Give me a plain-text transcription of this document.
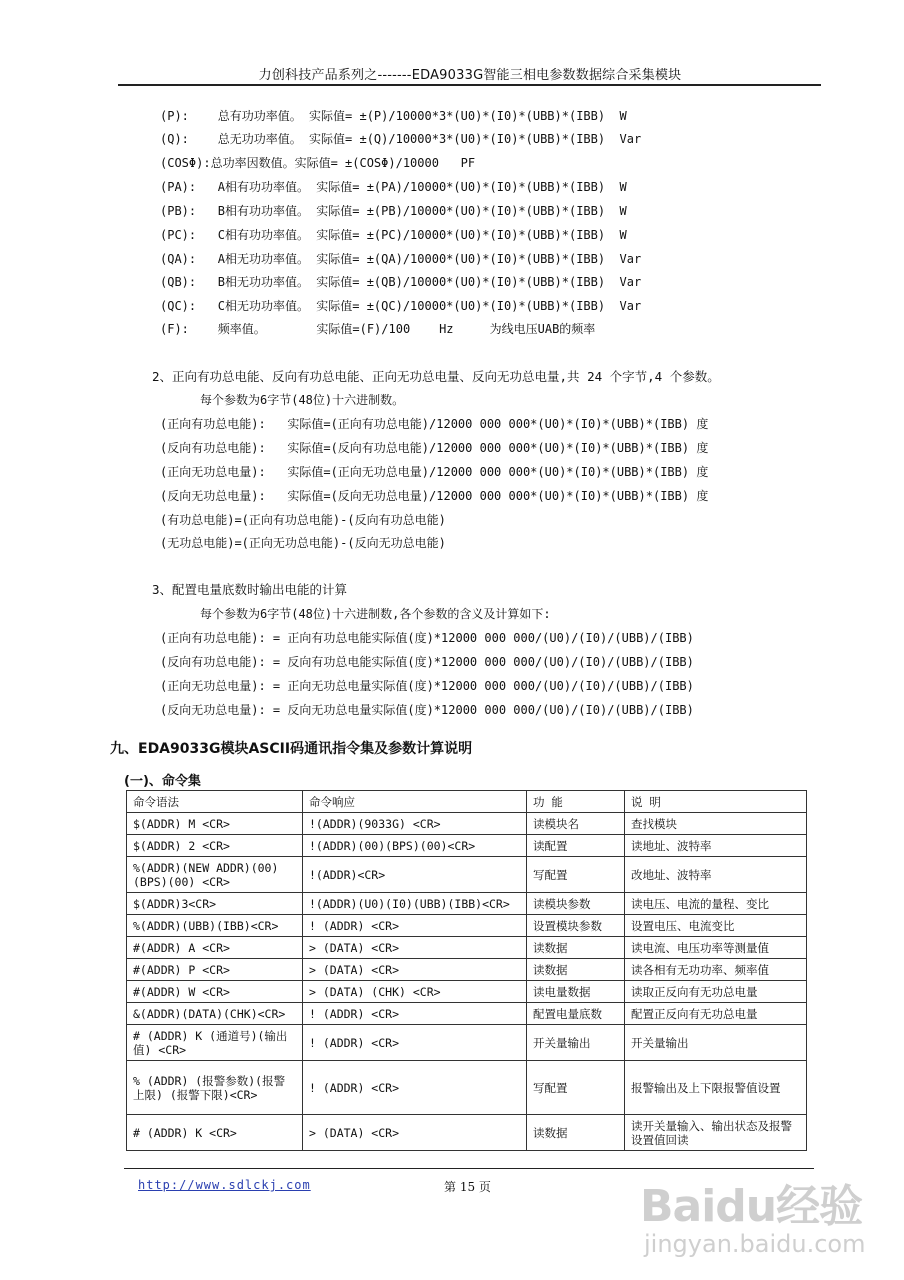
力创科技产品系列之-------EDA9033G智能三相电参数数据综合采集模块
(P):    总有功功率值。 实际值= ±(P)/10000*3*(U0)*(I0)*(UBB)*(IBB)  W
(Q):    总无功功率值。 实际值= ±(Q)/10000*3*(U0)*(I0)*(UBB)*(IBB)  Var
(COSΦ):总功率因数值。实际值= ±(COSΦ)/10000   PF
(PA):   A相有功功率值。 实际值= ±(PA)/10000*(U0)*(I0)*(UBB)*(IBB)  W
(PB):   B相有功功率值。 实际值= ±(PB)/10000*(U0)*(I0)*(UBB)*(IBB)  W
(PC):   C相有功功率值。 实际值= ±(PC)/10000*(U0)*(I0)*(UBB)*(IBB)  W
(QA):   A相无功功率值。 实际值= ±(QA)/10000*(U0)*(I0)*(UBB)*(IBB)  Var
(QB):   B相无功功率值。 实际值= ±(QB)/10000*(U0)*(I0)*(UBB)*(IBB)  Var
(QC):   C相无功功率值。 实际值= ±(QC)/10000*(U0)*(I0)*(UBB)*(IBB)  Var
(F):    频率值。       实际值=(F)/100    Hz     为线电压UAB的频率
2、正向有功总电能、反向有功总电能、正向无功总电量、反向无功总电量,共 24 个字节,4 个参数。
每个参数为6字节(48位)十六进制数。
(正向有功总电能):   实际值=(正向有功总电能)/12000 000 000*(U0)*(I0)*(UBB)*(IBB) 度
(反向有功总电能):   实际值=(反向有功总电能)/12000 000 000*(U0)*(I0)*(UBB)*(IBB) 度
(正向无功总电量):   实际值=(正向无功总电量)/12000 000 000*(U0)*(I0)*(UBB)*(IBB) 度
(反向无功总电量):   实际值=(反向无功总电量)/12000 000 000*(U0)*(I0)*(UBB)*(IBB) 度
(有功总电能)=(正向有功总电能)-(反向有功总电能)
(无功总电能)=(正向无功总电能)-(反向无功总电能)
3、配置电量底数时输出电能的计算
每个参数为6字节(48位)十六进制数,各个参数的含义及计算如下:
(正向有功总电能): = 正向有功总电能实际值(度)*12000 000 000/(U0)/(I0)/(UBB)/(IBB)
(反向有功总电能): = 反向有功总电能实际值(度)*12000 000 000/(U0)/(I0)/(UBB)/(IBB)
(正向无功总电量): = 正向无功总电量实际值(度)*12000 000 000/(U0)/(I0)/(UBB)/(IBB)
(反向无功总电量): = 反向无功总电量实际值(度)*12000 000 000/(U0)/(I0)/(UBB)/(IBB)
九、EDA9033G模块ASCII码通讯指令集及参数计算说明
(一)、命令集
命令语法	命令响应	功 能	说 明
$(ADDR) M <CR>	!(ADDR)(9033G) <CR>	读模块名	查找模块
$(ADDR) 2 <CR>	!(ADDR)(00)(BPS)(00)<CR>	读配置	读地址、波特率
%(ADDR)(NEW ADDR)(00)(BPS)(00) <CR>	!(ADDR)<CR>	写配置	改地址、波特率
$(ADDR)3<CR>	!(ADDR)(U0)(I0)(UBB)(IBB)<CR>	读模块参数	读电压、电流的量程、变比
%(ADDR)(UBB)(IBB)<CR>	! (ADDR) <CR>	设置模块参数	设置电压、电流变比
#(ADDR) A <CR>	> (DATA) <CR>	读数据	读电流、电压功率等测量值
#(ADDR) P <CR>	> (DATA) <CR>	读数据	读各相有无功功率、频率值
#(ADDR) W <CR>	> (DATA) (CHK) <CR>	读电量数据	读取正反向有无功总电量
&(ADDR)(DATA)(CHK)<CR>	! (ADDR) <CR>	配置电量底数	配置正反向有无功总电量
# (ADDR) K (通道号)(输出值) <CR>	! (ADDR) <CR>	开关量输出	开关量输出
% (ADDR) (报警参数)(报警上限) (报警下限)<CR>	! (ADDR) <CR>	写配置	报警输出及上下限报警值设置
# (ADDR) K <CR>	> (DATA) <CR>	读数据	读开关量输入、输出状态及报警设置值回读
http://www.sdlckj.com	第 15 页	Baidu经验
jingyan.baidu.com
